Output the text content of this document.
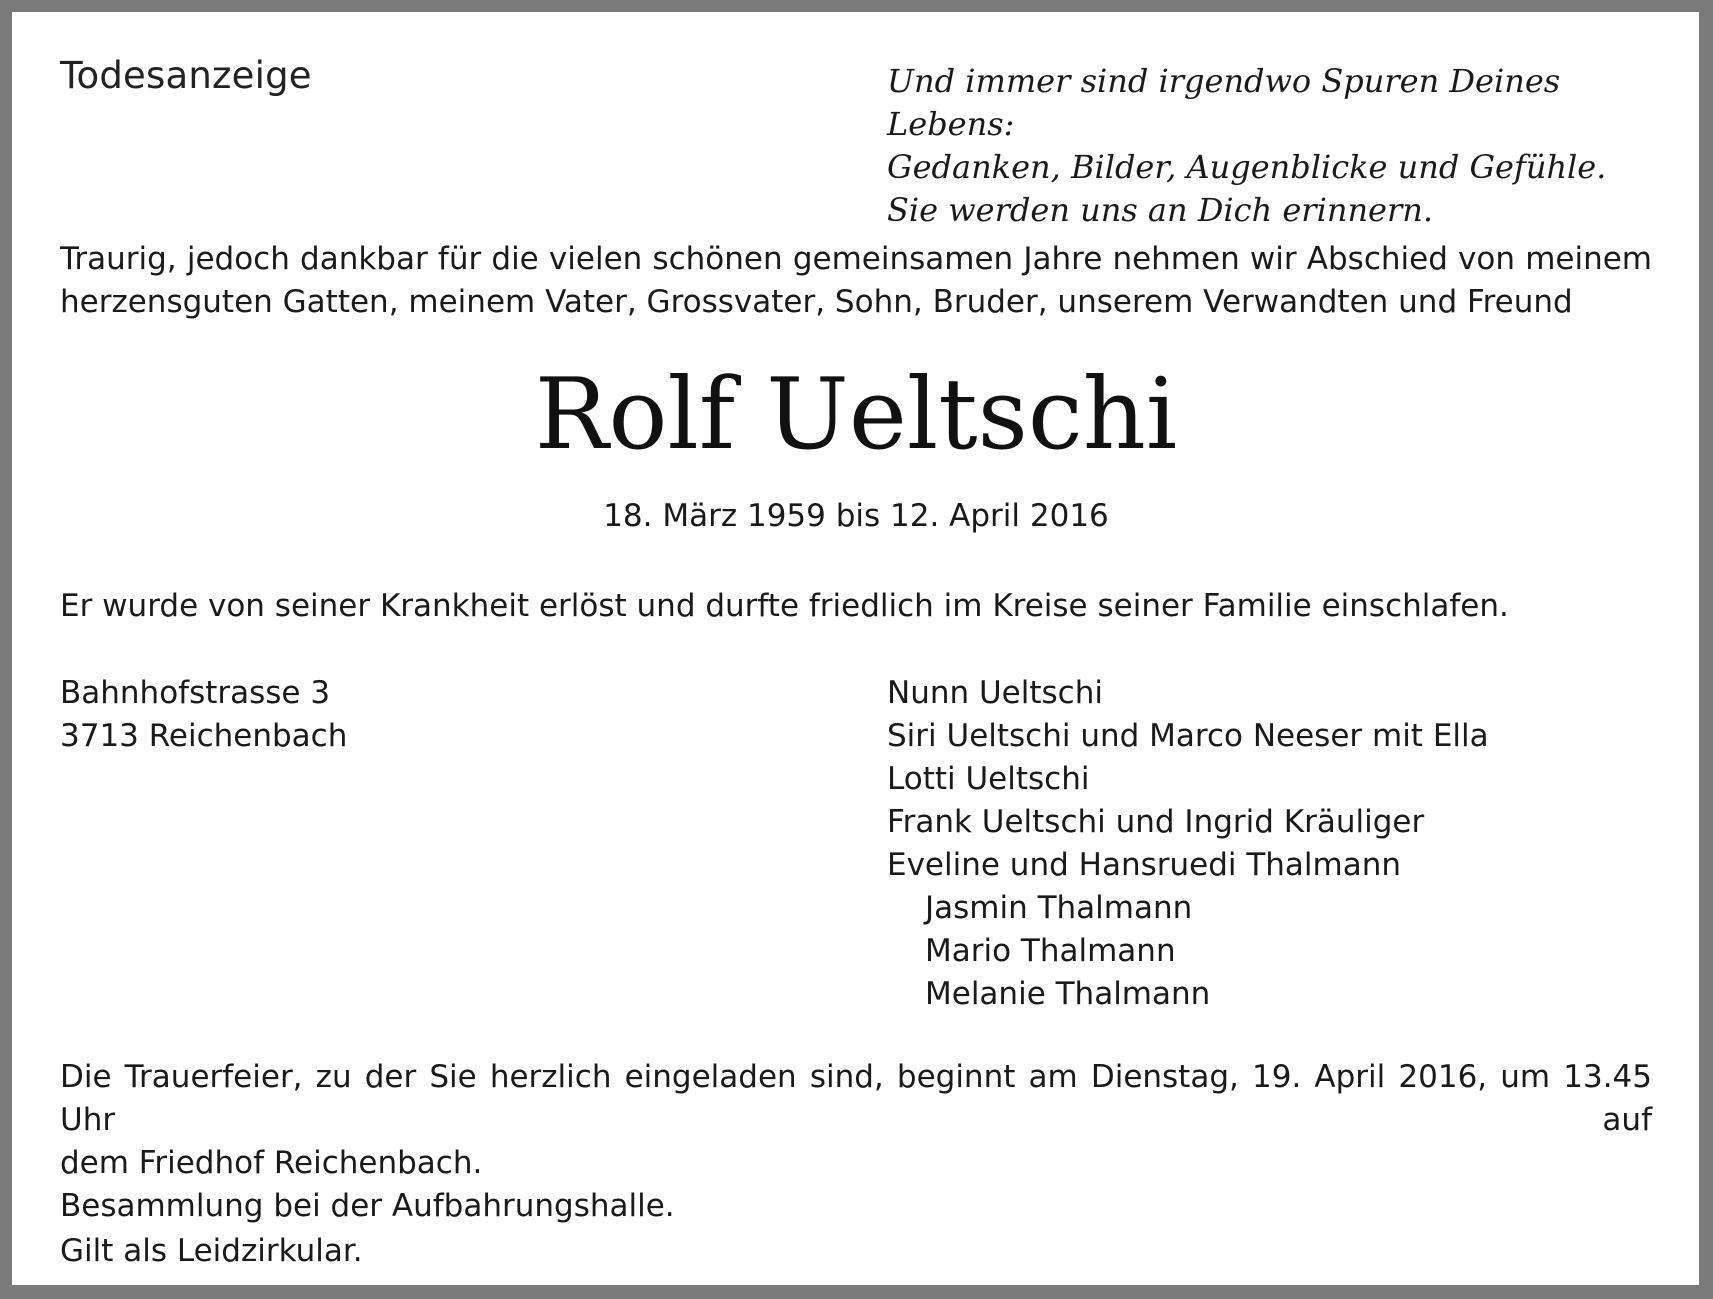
Todesanzeige	Und immer sind irgendwo Spuren Deines Lebens:
Gedanken, Bilder, Augenblicke und Gefühle.
Sie werden uns an Dich erinnern.

Traurig, jedoch dankbar für die vielen schönen gemeinsamen Jahre nehmen wir Abschied von meinem herzensguten Gatten, meinem Vater, Grossvater, Sohn, Bruder, unserem Verwandten und Freund

Rolf Ueltschi

18. März 1959 bis 12. April 2016

Er wurde von seiner Krankheit erlöst und durfte friedlich im Kreise seiner Familie einschlafen.

Bahnhofstrasse 3
3713 Reichenbach

Nunn Ueltschi
Siri Ueltschi und Marco Neeser mit Ella
Lotti Ueltschi
Frank Ueltschi und Ingrid Kräuliger
Eveline und Hansruedi Thalmann
Jasmin Thalmann
Mario Thalmann
Melanie Thalmann

Die Trauerfeier, zu der Sie herzlich eingeladen sind, beginnt am Dienstag, 19. April 2016, um 13.45 Uhr auf
dem Friedhof Reichenbach.
Besammlung bei der Aufbahrungshalle.

Gilt als Leidzirkular.
